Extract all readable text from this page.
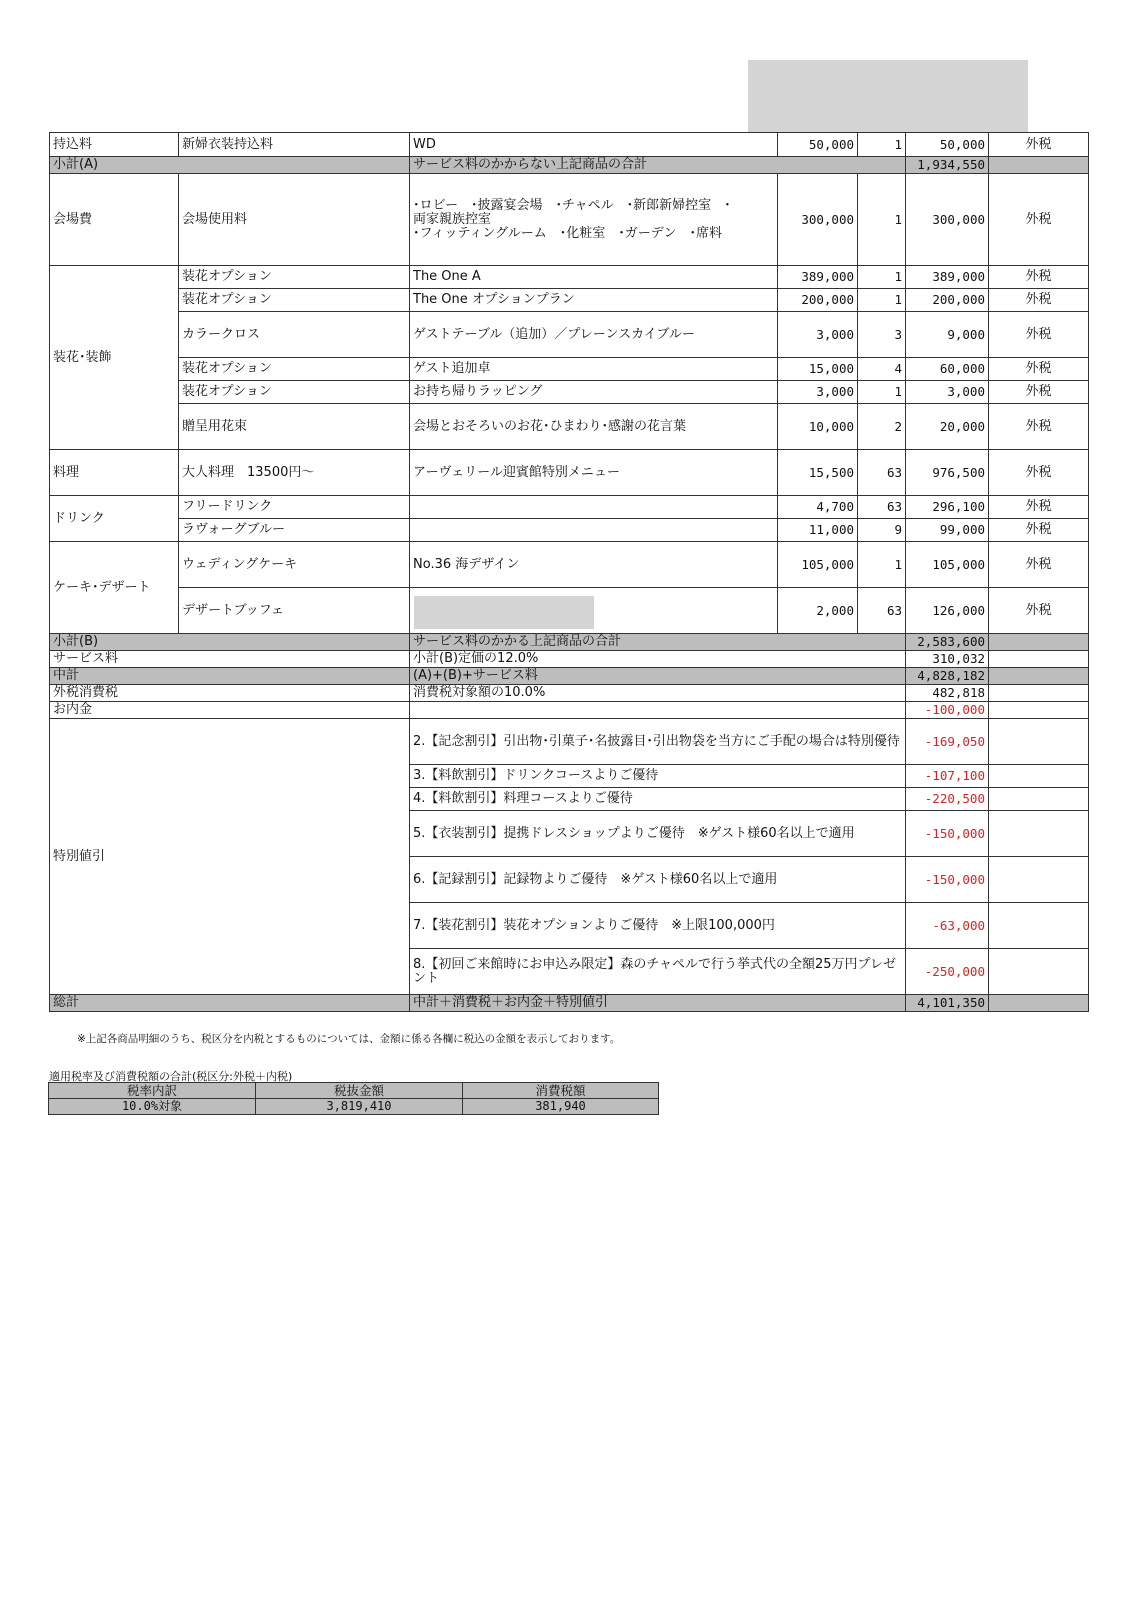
持込料	新婦衣装持込料	WD	50,000	1	50,000	外税
小計(A)		サービス料のかからない上記商品の合計			1,934,550	
会場費	会場使用料	･ロビー　･披露宴会場　･チャペル　･新郎新婦控室　･
両家親族控室
･フィッティングルーム　･化粧室　･ガーデン　･席料	300,000	1	300,000	外税
装花･装飾	装花オプション	The One A	389,000	1	389,000	外税
	装花オプション	The One オプションプラン	200,000	1	200,000	外税
	カラークロス	ゲストテーブル（追加）／プレーンスカイブルー	3,000	3	9,000	外税
	装花オプション	ゲスト追加卓	15,000	4	60,000	外税
	装花オプション	お持ち帰りラッピング	3,000	1	3,000	外税
	贈呈用花束	会場とおそろいのお花･ひまわり･感謝の花言葉	10,000	2	20,000	外税
料理	大人料理　13500円～	アーヴェリール迎賓館特別メニュー	15,500	63	976,500	外税
ドリンク	フリードリンク		4,700	63	296,100	外税
	ラヴォーグブルー		11,000	9	99,000	外税
ケーキ･デザート	ウェディングケーキ	No.36 海デザイン	105,000	1	105,000	外税
	デザートブッフェ		2,000	63	126,000	外税
小計(B)		サービス料のかかる上記商品の合計			2,583,600	
サービス料		小計(B)定価の12.0%			310,032	
中計		(A)+(B)+サービス料			4,828,182	
外税消費税		消費税対象額の10.0%			482,818	
お内金					-100,000	
特別値引		2.【記念割引】引出物･引菓子･名披露目･引出物袋を当方にご手配の場合は特別優待			-169,050	
		3.【料飲割引】ドリンクコースよりご優待			-107,100	
		4.【料飲割引】料理コースよりご優待			-220,500	
		5.【衣装割引】提携ドレスショップよりご優待　※ゲスト様60名以上で適用			-150,000	
		6.【記録割引】記録物よりご優待　※ゲスト様60名以上で適用			-150,000	
		7.【装花割引】装花オプションよりご優待　※上限100,000円			-63,000	
		8.【初回ご来館時にお申込み限定】森のチャペルで行う挙式代の全額25万円プレゼント			-250,000	
総計		中計＋消費税＋お内金＋特別値引			4,101,350	
※上記各商品明細のうち、税区分を内税とするものについては、金額に係る各欄に税込の金額を表示しております。
適用税率及び消費税額の合計(税区分:外税＋内税)
税率内訳	税抜金額	消費税額
10.0%対象	3,819,410	381,940
